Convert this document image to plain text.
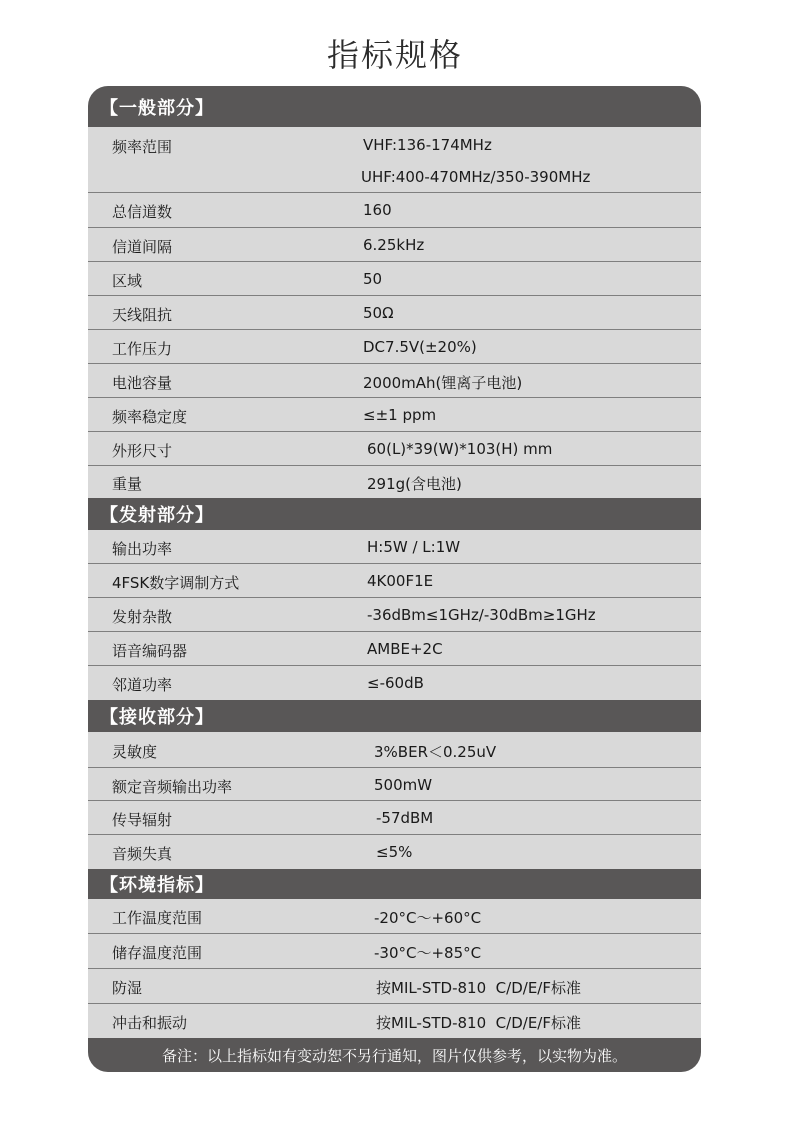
指标规格
【一般部分】
频率范围	VHF:136-174MHz
UHF:400-470MHz/350-390MHz
总信道数	160
信道间隔	6.25kHz
区域	50
天线阻抗	50Ω
工作压力	DC7.5V(±20%)
电池容量	2000mAh(锂离子电池)
频率稳定度	≤±1 ppm
外形尺寸	60(L)*39(W)*103(H) mm
重量	291g(含电池)
【发射部分】
输出功率	H:5W / L:1W
4FSK数字调制方式	4K00F1E
发射杂散	-36dBm≤1GHz/-30dBm≥1GHz
语音编码器	AMBE+2C
邻道功率	≤-60dB
【接收部分】
灵敏度	3%BER＜0.25uV
额定音频输出功率	500mW
传导辐射	-57dBM
音频失真	≤5%
【环境指标】
工作温度范围	-20°C～+60°C
储存温度范围	-30°C～+85°C
防湿	按MIL-STD-810  C/D/E/F标准
冲击和振动	按MIL-STD-810  C/D/E/F标准
备注：以上指标如有变动恕不另行通知，图片仅供参考，以实物为准。
